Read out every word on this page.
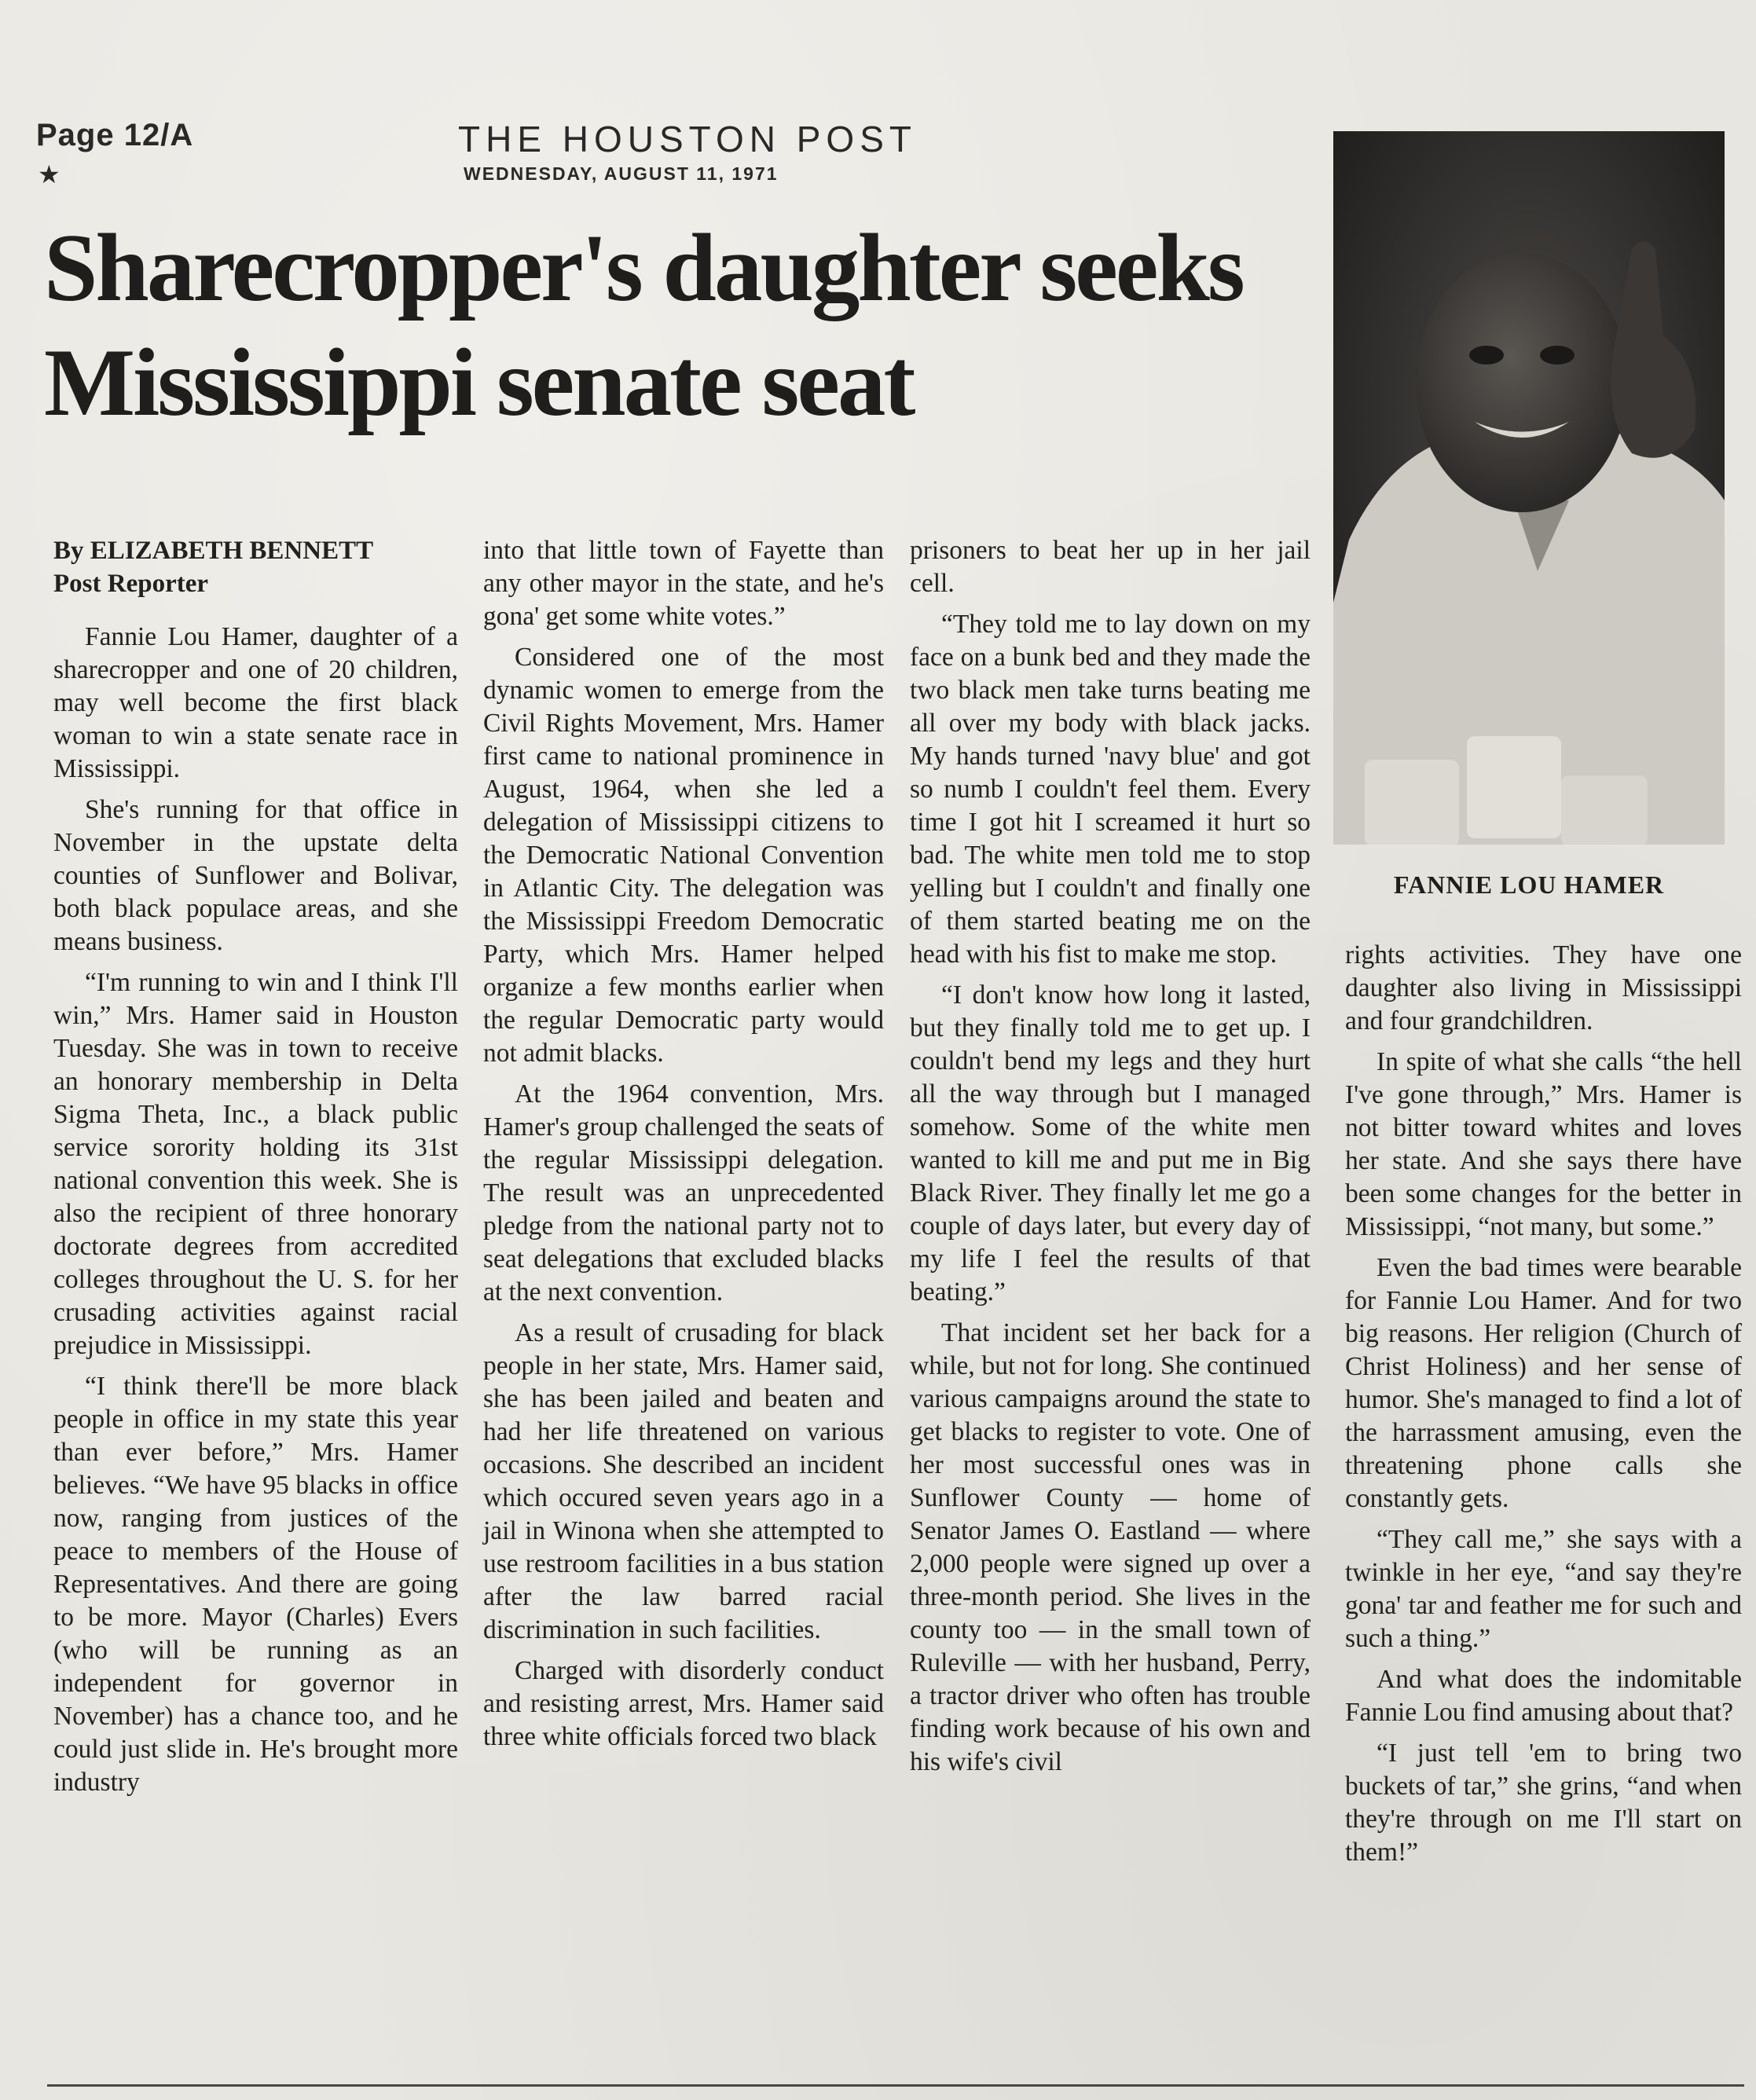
Page 12/A
★
THE HOUSTON POST
WEDNESDAY, AUGUST 11, 1971
Sharecropper's daughter seeks Mississippi senate seat
FANNIE LOU HAMER

By ELIZABETH BENNETT

Post Reporter

Fannie Lou Hamer, daughter of a sharecropper and one of 20 children, may well become the first black woman to win a state senate race in Mississippi.

She's running for that office in November in the upstate delta counties of Sunflower and Bolivar, both black populace areas, and she means business.

“I'm running to win and I think I'll win,” Mrs. Hamer said in Houston Tuesday. She was in town to receive an honorary membership in Delta Sigma Theta, Inc., a black public service sorority holding its 31st national convention this week. She is also the recipient of three honorary doctorate degrees from accredited colleges throughout the U. S. for her crusading activities against racial prejudice in Mississippi.

“I think there'll be more black people in office in my state this year than ever before,” Mrs. Hamer believes. “We have 95 blacks in office now, ranging from justices of the peace to members of the House of Representatives. And there are going to be more. Mayor (Charles) Evers (who will be running as an independent for governor in November) has a chance too, and he could just slide in. He's brought more industry

into that little town of Fayette than any other mayor in the state, and he's gona' get some white votes.”

Considered one of the most dynamic women to emerge from the Civil Rights Movement, Mrs. Hamer first came to national prominence in August, 1964, when she led a delegation of Mississippi citizens to the Democratic National Convention in Atlantic City. The delegation was the Mississippi Freedom Democratic Party, which Mrs. Hamer helped organize a few months earlier when the regular Democratic party would not admit blacks.

At the 1964 convention, Mrs. Hamer's group challenged the seats of the regular Mississippi delegation. The result was an unprecedented pledge from the national party not to seat delegations that excluded blacks at the next convention.

As a result of crusading for black people in her state, Mrs. Hamer said, she has been jailed and beaten and had her life threatened on various occasions. She described an incident which occured seven years ago in a jail in Winona when she attempted to use restroom facilities in a bus station after the law barred racial discrimination in such facilities.

Charged with disorderly conduct and resisting arrest, Mrs. Hamer said three white officials forced two black

prisoners to beat her up in her jail cell.

“They told me to lay down on my face on a bunk bed and they made the two black men take turns beating me all over my body with black jacks. My hands turned 'navy blue' and got so numb I couldn't feel them. Every time I got hit I screamed it hurt so bad. The white men told me to stop yelling but I couldn't and finally one of them started beating me on the head with his fist to make me stop.

“I don't know how long it lasted, but they finally told me to get up. I couldn't bend my legs and they hurt all the way through but I managed somehow. Some of the white men wanted to kill me and put me in Big Black River. They finally let me go a couple of days later, but every day of my life I feel the results of that beating.”

That incident set her back for a while, but not for long. She continued various campaigns around the state to get blacks to register to vote. One of her most successful ones was in Sunflower County — home of Senator James O. Eastland — where 2,000 people were signed up over a three-month period. She lives in the county too — in the small town of Ruleville — with her husband, Perry, a tractor driver who often has trouble finding work because of his own and his wife's civil

rights activities. They have one daughter also living in Mississippi and four grandchildren.

In spite of what she calls “the hell I've gone through,” Mrs. Hamer is not bitter toward whites and loves her state. And she says there have been some changes for the better in Mississippi, “not many, but some.”

Even the bad times were bearable for Fannie Lou Hamer. And for two big reasons. Her religion (Church of Christ Holiness) and her sense of humor. She's managed to find a lot of the harrassment amusing, even the threatening phone calls she constantly gets.

“They call me,” she says with a twinkle in her eye, “and say they're gona' tar and feather me for such and such a thing.”

And what does the indomitable Fannie Lou find amusing about that?

“I just tell 'em to bring two buckets of tar,” she grins, “and when they're through on me I'll start on them!”
